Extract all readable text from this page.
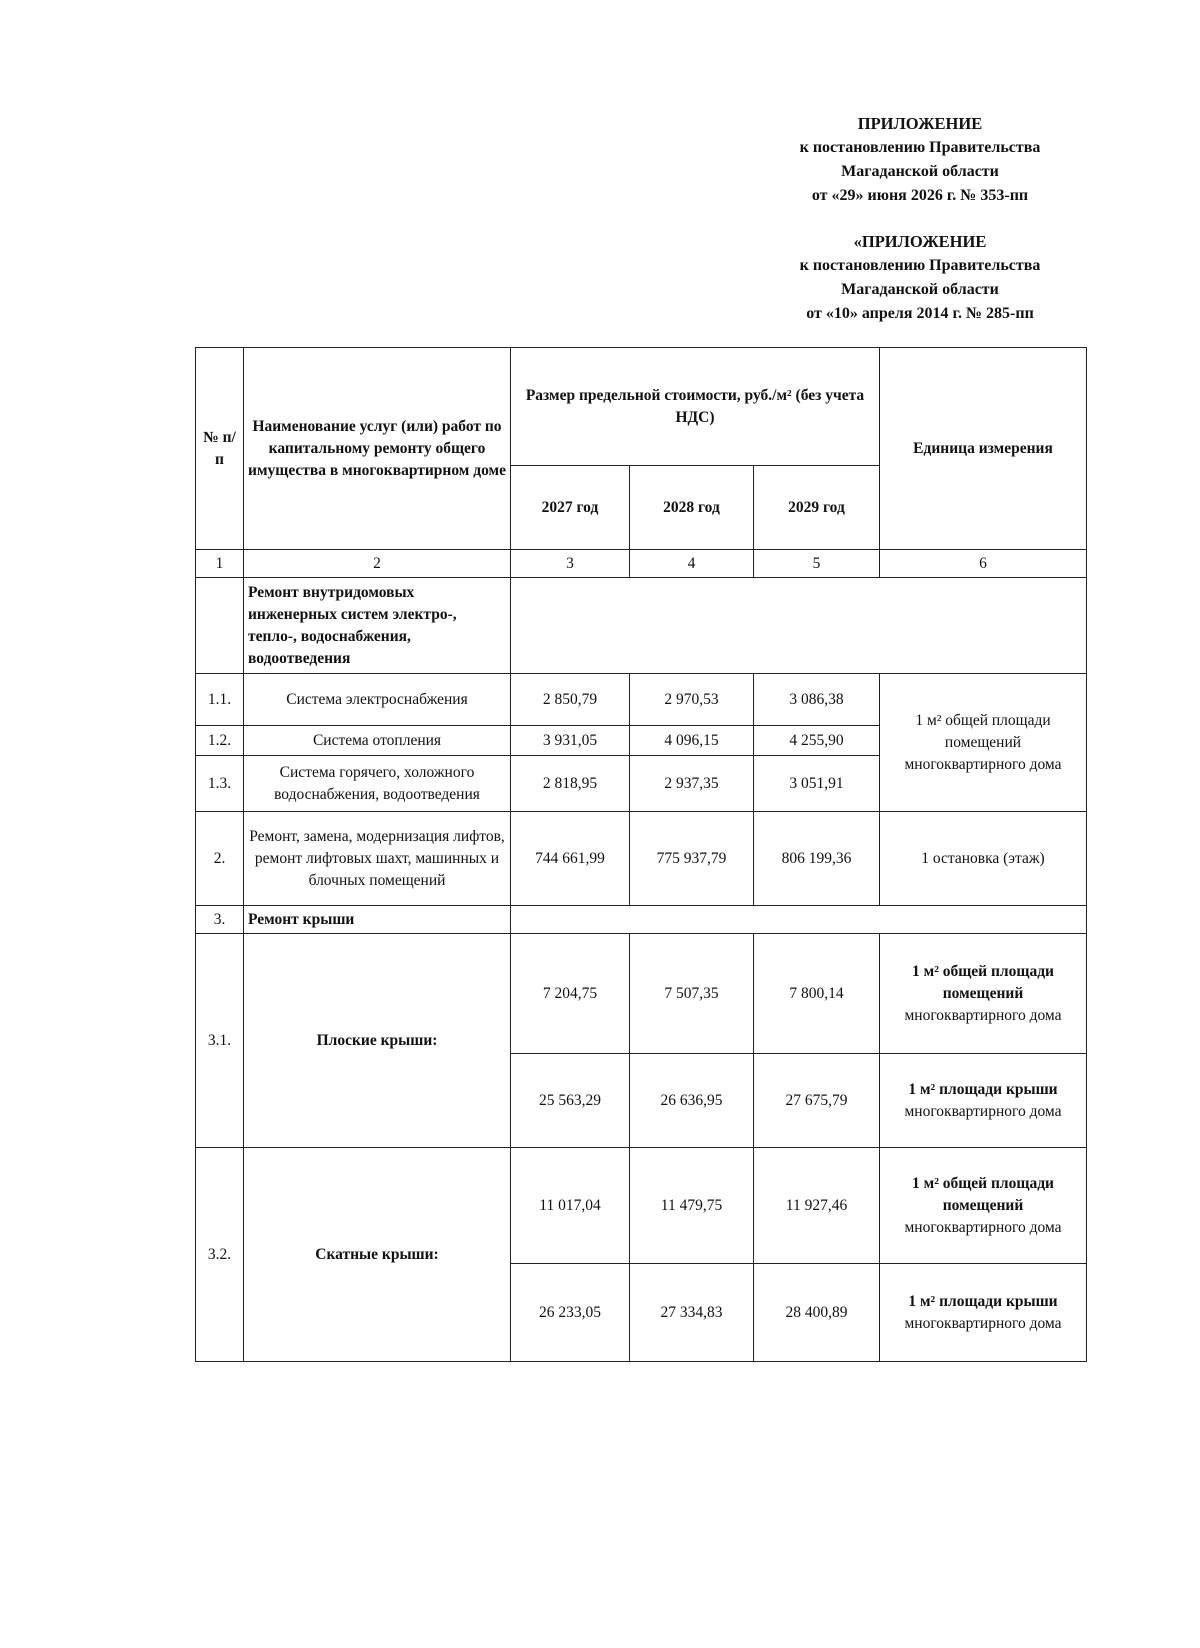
ПРИЛОЖЕНИЕ
к постановлению Правительства
Магаданской области
от «29» июня 2026 г. № 353-пп
«ПРИЛОЖЕНИЕ
к постановлению Правительства
Магаданской области
от «10» апреля 2014 г. № 285-пп
№ п/п	Наименование услуг (или) работ по капитальному ремонту общего имущества в многоквартирном доме	Размер предельной стоимости, руб./м² (без учета НДС)			Единица измерения
		2027 год	2028 год	2029 год	
1	2	3	4	5	6
	Ремонт внутридомовых инженерных систем электро-, тепло-, водоснабжения, водоотведения				
1.1.	Система электроснабжения	2 850,79	2 970,53	3 086,38	1 м² общей площади помещений многоквартирного дома
1.2.	Система отопления	3 931,05	4 096,15	4 255,90	
1.3.	Система горячего, холожного водоснабжения, водоотведения	2 818,95	2 937,35	3 051,91	
2.	Ремонт, замена, модернизация лифтов, ремонт лифтовых шахт, машинных и блочных помещений	744 661,99	775 937,79	806 199,36	1 остановка (этаж)
3.	Ремонт крыши				
3.1.	Плоские крыши:	7 204,75	7 507,35	7 800,14	1 м² общей площади помещений
многоквартирного дома
		25 563,29	26 636,95	27 675,79	1 м² площади крыши
многоквартирного дома
3.2.	Скатные крыши:	11 017,04	11 479,75	11 927,46	1 м² общей площади помещений
многоквартирного дома
		26 233,05	27 334,83	28 400,89	1 м² площади крыши
многоквартирного дома
